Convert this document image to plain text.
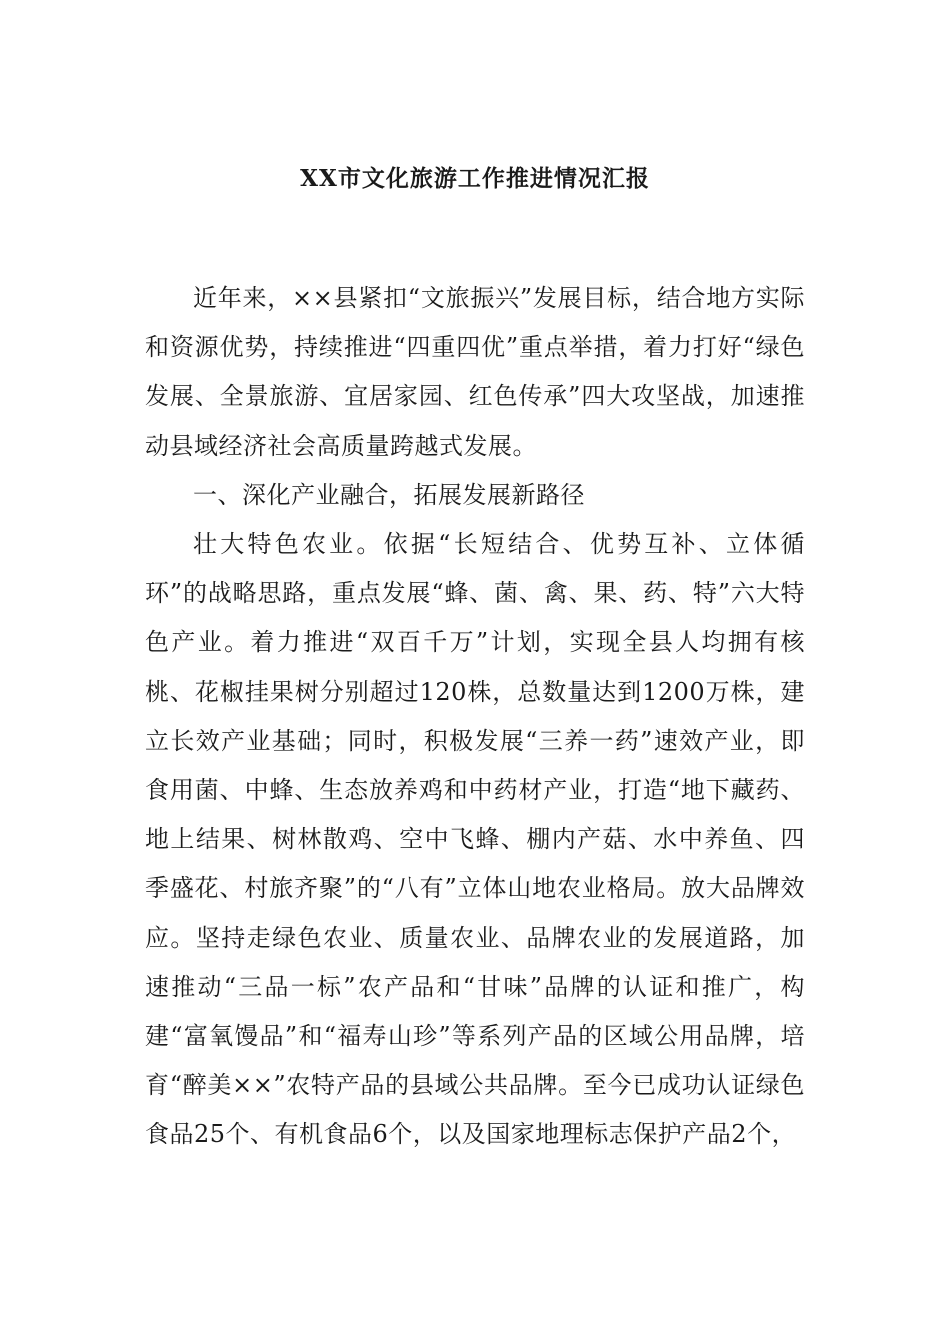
XX市文化旅游工作推进情况汇报

近年来，××县紧扣“文旅振兴”发展目标，结合地方实际和资源优势，持续推进“四重四优”重点举措，着力打好“绿色发展、全景旅游、宜居家园、红色传承”四大攻坚战，加速推动县域经济社会高质量跨越式发展。

一、深化产业融合，拓展发展新路径

壮大特色农业。依据“长短结合、优势互补、立体循环”的战略思路，重点发展“蜂、菌、禽、果、药、特”六大特色产业。着力推进“双百千万”计划，实现全县人均拥有核桃、花椒挂果树分别超过120株，总数量达到1200万株，建立长效产业基础；同时，积极发展“三养一药”速效产业，即食用菌、中蜂、生态放养鸡和中药材产业，打造“地下藏药、地上结果、树林散鸡、空中飞蜂、棚内产菇、水中养鱼、四季盛花、村旅齐聚”的“八有”立体山地农业格局。放大品牌效应。坚持走绿色农业、质量农业、品牌农业的发展道路，加速推动“三品一标”农产品和“甘味”品牌的认证和推广，构建“富氧馒品”和“福寿山珍”等系列产品的区域公用品牌，培育“醉美××”农特产品的县域公共品牌。至今已成功认证绿色食品25个、有机食品6个，以及国家地理标志保护产品2个，
